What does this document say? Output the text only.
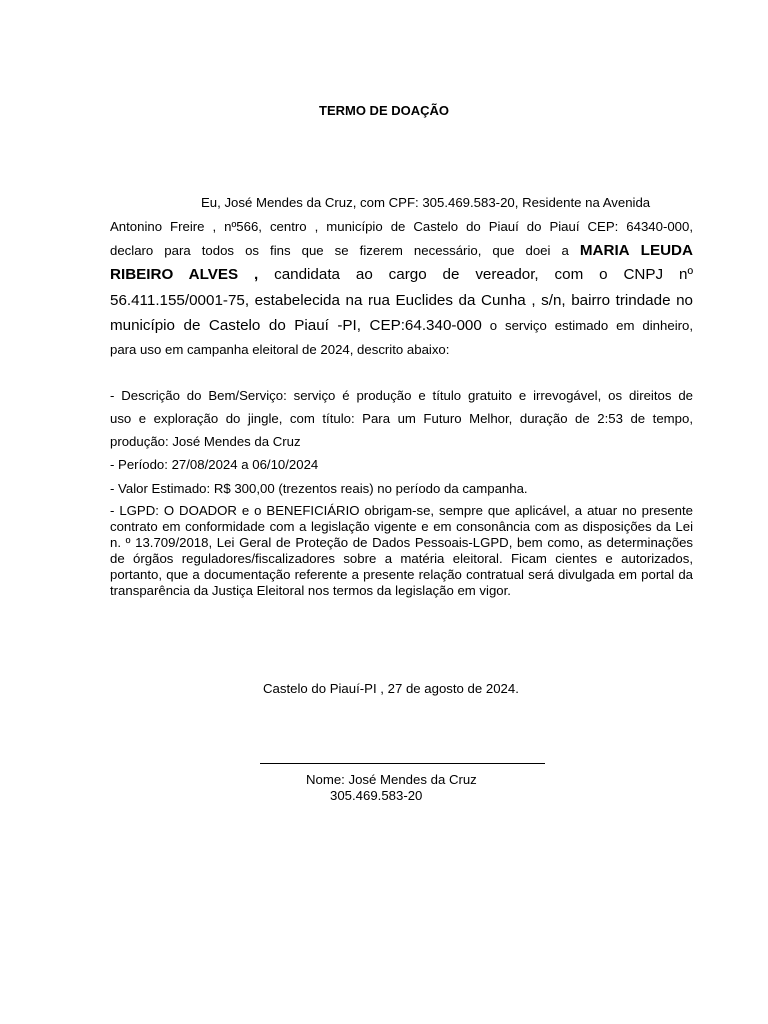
TERMO DE DOAÇÃO
Eu, José Mendes da Cruz, com CPF: 305.469.583-20, Residente na Avenida
Antonino Freire , nº566, centro , município de Castelo do Piauí do Piauí CEP: 64340-000,
declaro para todos os fins que se fizerem necessário, que doei a MARIA LEUDA
RIBEIRO ALVES , candidata ao cargo de vereador, com o CNPJ nº
56.411.155/0001-75, estabelecida na rua Euclides da Cunha , s/n, bairro trindade no
município de Castelo do Piauí -PI, CEP:64.340-000 o serviço estimado em dinheiro,
para uso em campanha eleitoral de 2024, descrito abaixo:
- Descrição do Bem/Serviço: serviço é produção e título gratuito e irrevogável, os direitos de
uso e exploração do jingle, com título: Para um Futuro Melhor, duração de 2:53 de tempo,
produção: José Mendes da Cruz
- Período: 27/08/2024 a 06/10/2024
- Valor Estimado: R$ 300,00 (trezentos reais) no período da campanha.
- LGPD: O DOADOR e o BENEFICIÁRIO obrigam-se, sempre que aplicável, a atuar no presente contrato em conformidade com a legislação vigente e em consonância com as disposições da Lei n. º 13.709/2018, Lei Geral de Proteção de Dados Pessoais-LGPD, bem como, as determinações de órgãos reguladores/fiscalizadores sobre a matéria eleitoral. Ficam cientes e autorizados, portanto, que a documentação referente a presente relação contratual será divulgada em portal da transparência da Justiça Eleitoral nos termos da legislação em vigor.
Castelo do Piauí-PI , 27 de agosto de 2024.
Nome: José Mendes da Cruz
305.469.583-20
